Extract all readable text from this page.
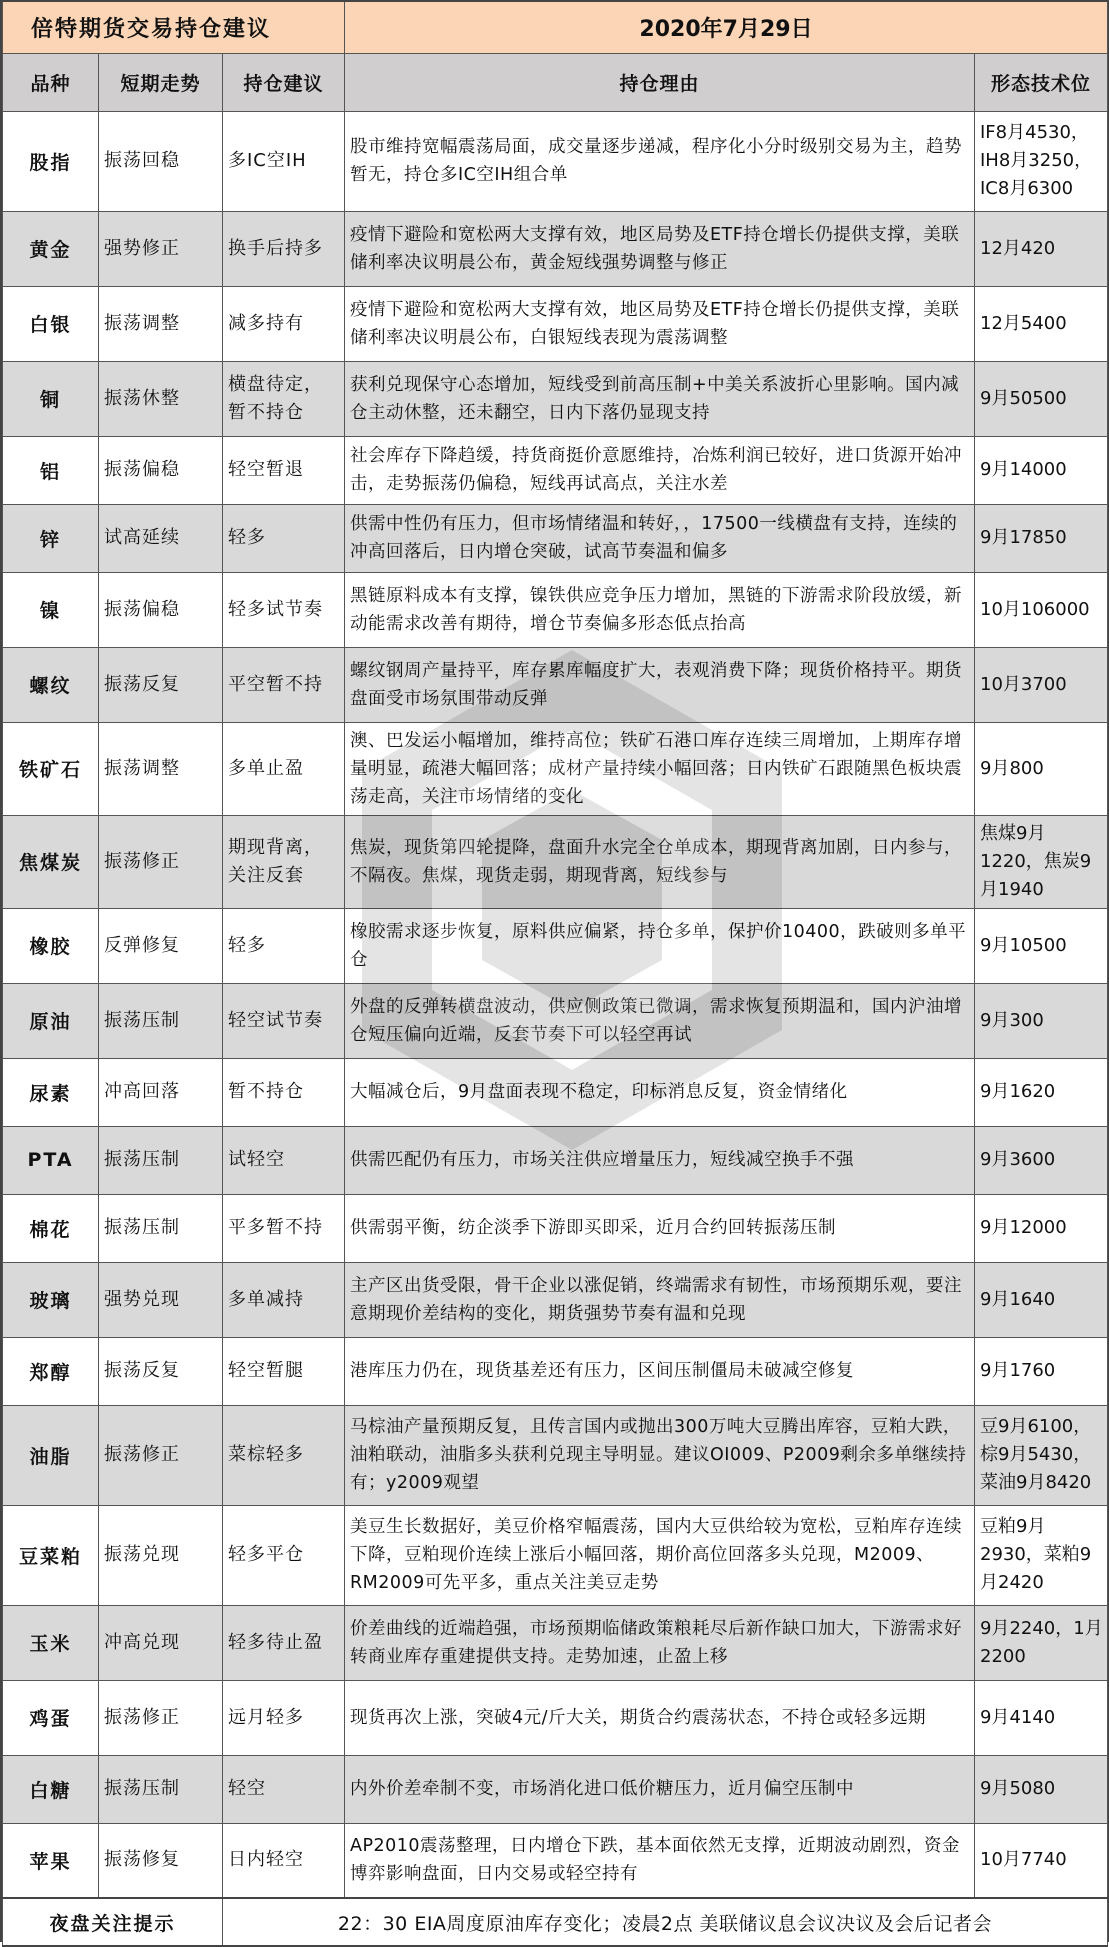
倍特期货交易持仓建议			2020年7月29日	
品种	短期走势	持仓建议	持仓理由	形态技术位
股指	振荡回稳	多IC空IH	股市维持宽幅震荡局面，成交量逐步递减，程序化小分时级别交易为主，趋势暂无，持仓多IC空IH组合单	IF8月4530，IH8月3250，IC8月6300
黄金	强势修正	换手后持多	疫情下避险和宽松两大支撑有效，地区局势及ETF持仓增长仍提供支撑，美联储利率决议明晨公布，黄金短线强势调整与修正	12月420
白银	振荡调整	减多持有	疫情下避险和宽松两大支撑有效，地区局势及ETF持仓增长仍提供支撑，美联储利率决议明晨公布，白银短线表现为震荡调整	12月5400
铜	振荡休整	横盘待定，暂不持仓	获利兑现保守心态增加，短线受到前高压制+中美关系波折心里影响。国内减仓主动休整，还未翻空，日内下落仍显现支持	9月50500
铝	振荡偏稳	轻空暂退	社会库存下降趋缓，持货商挺价意愿维持，冶炼利润已较好，进口货源开始冲击，走势振荡仍偏稳，短线再试高点，关注水差	9月14000
锌	试高延续	轻多	供需中性仍有压力，但市场情绪温和转好，，17500一线横盘有支持，连续的冲高回落后，日内增仓突破，试高节奏温和偏多	9月17850
镍	振荡偏稳	轻多试节奏	黑链原料成本有支撑，镍铁供应竞争压力增加，黑链的下游需求阶段放缓，新动能需求改善有期待，增仓节奏偏多形态低点抬高	10月106000
螺纹	振荡反复	平空暂不持	螺纹钢周产量持平，库存累库幅度扩大，表观消费下降；现货价格持平。期货盘面受市场氛围带动反弹	10月3700
铁矿石	振荡调整	多单止盈	澳、巴发运小幅增加，维持高位；铁矿石港口库存连续三周增加，上期库存增量明显，疏港大幅回落；成材产量持续小幅回落；日内铁矿石跟随黑色板块震荡走高，关注市场情绪的变化	9月800
焦煤炭	振荡修正	期现背离，关注反套	焦炭，现货第四轮提降，盘面升水完全仓单成本，期现背离加剧，日内参与，不隔夜。焦煤，现货走弱，期现背离，短线参与	焦煤9月1220，焦炭9月1940
橡胶	反弹修复	轻多	橡胶需求逐步恢复，原料供应偏紧，持仓多单，保护价10400，跌破则多单平仓	9月10500
原油	振荡压制	轻空试节奏	外盘的反弹转横盘波动，供应侧政策已微调，需求恢复预期温和，国内沪油增仓短压偏向近端，反套节奏下可以轻空再试	9月300
尿素	冲高回落	暂不持仓	大幅减仓后，9月盘面表现不稳定，印标消息反复，资金情绪化	9月1620
PTA	振荡压制	试轻空	供需匹配仍有压力，市场关注供应增量压力，短线减空换手不强	9月3600
棉花	振荡压制	平多暂不持	供需弱平衡，纺企淡季下游即买即采，近月合约回转振荡压制	9月12000
玻璃	强势兑现	多单减持	主产区出货受限，骨干企业以涨促销，终端需求有韧性，市场预期乐观，要注意期现价差结构的变化，期货强势节奏有温和兑现	9月1640
郑醇	振荡反复	轻空暂腿	港库压力仍在，现货基差还有压力，区间压制僵局未破减空修复	9月1760
油脂	振荡修正	菜棕轻多	马棕油产量预期反复，且传言国内或抛出300万吨大豆腾出库容，豆粕大跌，油粕联动，油脂多头获利兑现主导明显。建议OI009、P2009剩余多单继续持有；y2009观望	豆9月6100，棕9月5430，菜油9月8420
豆菜粕	振荡兑现	轻多平仓	美豆生长数据好，美豆价格窄幅震荡，国内大豆供给较为宽松，豆粕库存连续下降，豆粕现价连续上涨后小幅回落，期价高位回落多头兑现，M2009、RM2009可先平多，重点关注美豆走势	豆粕9月2930，菜粕9月2420
玉米	冲高兑现	轻多待止盈	价差曲线的近端趋强，市场预期临储政策粮耗尽后新作缺口加大，下游需求好转商业库存重建提供支持。走势加速，止盈上移	9月2240，1月2200
鸡蛋	振荡修正	远月轻多	现货再次上涨，突破4元/斤大关，期货合约震荡状态，不持仓或轻多远期	9月4140
白糖	振荡压制	轻空	内外价差牵制不变，市场消化进口低价糖压力，近月偏空压制中	9月5080
苹果	振荡修复	日内轻空	AP2010震荡整理，日内增仓下跌，基本面依然无支撑，近期波动剧烈，资金博弈影响盘面，日内交易或轻空持有	10月7740
夜盘关注提示		22：30 EIA周度原油库存变化；凌晨2点 美联储议息会议决议及会后记者会		
